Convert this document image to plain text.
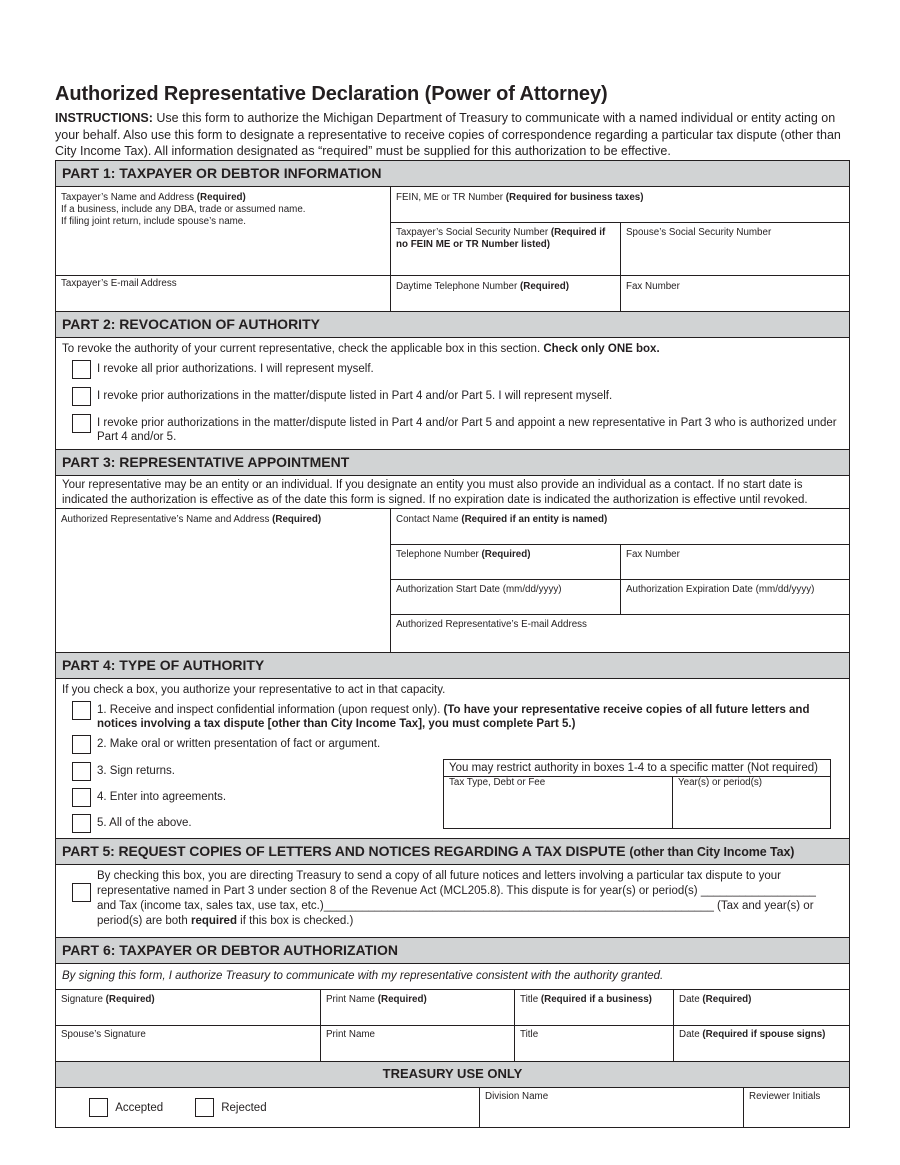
Authorized Representative Declaration (Power of Attorney)
INSTRUCTIONS: Use this form to authorize the Michigan Department of Treasury to communicate with a named individual or entity acting on your behalf. Also use this form to designate a representative to receive copies of correspondence regarding a particular tax dispute (other than City Income Tax). All information designated as “required” must be supplied for this authorization to be effective.
PART 1: TAXPAYER OR DEBTOR INFORMATION
Taxpayer’s Name and Address (Required)
If a business, include any DBA, trade or assumed name.
If filing joint return, include spouse’s name.
FEIN, ME or TR Number (Required for business taxes)
Taxpayer’s Social Security Number (Required if no FEIN ME or TR Number listed)
Spouse’s Social Security Number
Taxpayer’s E-mail Address	Daytime Telephone Number (Required)	Fax Number
PART 2: REVOCATION OF AUTHORITY
To revoke the authority of your current representative, check the applicable box in this section. Check only ONE box.
I revoke all prior authorizations. I will represent myself.
I revoke prior authorizations in the matter/dispute listed in Part 4 and/or Part 5. I will represent myself.
I revoke prior authorizations in the matter/dispute listed in Part 4 and/or Part 5 and appoint a new representative in Part 3 who is authorized under Part 4 and/or 5.
PART 3: REPRESENTATIVE APPOINTMENT
Your representative may be an entity or an individual. If you designate an entity you must also provide an individual as a contact. If no start date is indicated the authorization is effective as of the date this form is signed. If no expiration date is indicated the authorization is effective until revoked.
Authorized Representative’s Name and Address (Required)	Contact Name (Required if an entity is named)
Telephone Number (Required)	Fax Number
Authorization Start Date (mm/dd/yyyy)	Authorization Expiration Date (mm/dd/yyyy)
Authorized Representative’s E-mail Address
PART 4: TYPE OF AUTHORITY
If you check a box, you authorize your representative to act in that capacity.
1. Receive and inspect confidential information (upon request only). (To have your representative receive copies of all future letters and notices involving a tax dispute [other than City Income Tax], you must complete Part 5.)
2. Make oral or written presentation of fact or argument.
3. Sign returns.
4. Enter into agreements.
5. All of the above.
You may restrict authority in boxes 1-4 to a specific matter (Not required)
Tax Type, Debt or Fee	Year(s) or period(s)
PART 5: REQUEST COPIES OF LETTERS AND NOTICES REGARDING A TAX DISPUTE (other than City Income Tax)
By checking this box, you are directing Treasury to send a copy of all future notices and letters involving a particular tax dispute to your representative named in Part 3 under section 8 of the Revenue Act (MCL205.8). This dispute is for year(s) or period(s) __________________ and Tax (income tax, sales tax, use tax, etc.)_____________________________________________________________ (Tax and year(s) or period(s) are both required if this box is checked.)
PART 6: TAXPAYER OR DEBTOR AUTHORIZATION
By signing this form, I authorize Treasury to communicate with my representative consistent with the authority granted.
Signature (Required)	Print Name (Required)	Title (Required if a business)	Date (Required)
Spouse’s Signature	Print Name	Title	Date (Required if spouse signs)
TREASURY USE ONLY
Accepted	Rejected
Division Name	Reviewer Initials
